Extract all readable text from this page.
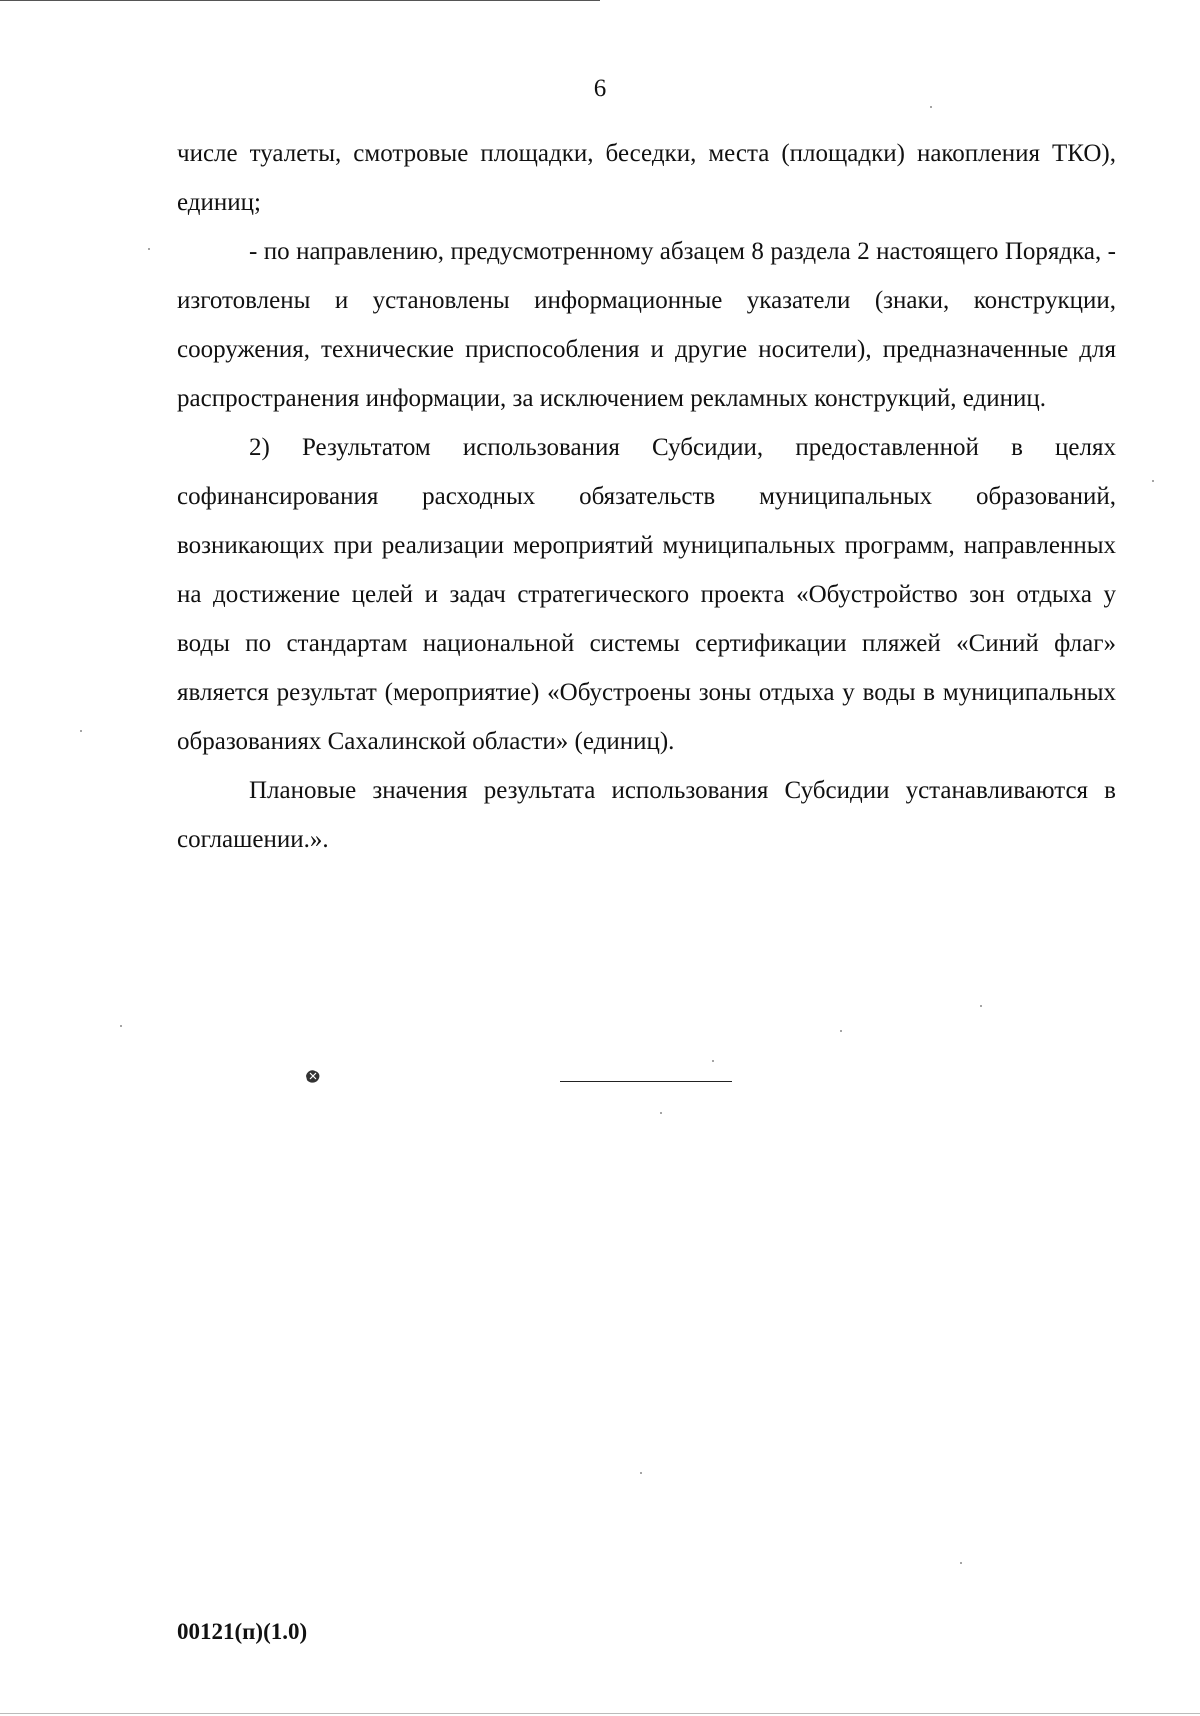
6

числе туалеты, смотровые площадки, беседки, места (площадки) накопления ТКО), единиц;

- по направлению, предусмотренному абзацем 8 раздела 2 настоящего Порядка, - изготовлены и установлены информационные указатели (знаки, конструкции, сооружения, технические приспособления и другие носители), предназначенные для распространения информации, за исключением рекламных конструкций, единиц.

2) Результатом использования Субсидии, предоставленной в целях софинансирования расходных обязательств муниципальных образований, возникающих при реализации мероприятий муниципальных программ, направленных на достижение целей и задач стратегического проекта «Обустройство зон отдыха у воды по стандартам национальной системы сертификации пляжей «Синий флаг» является результат (мероприятие) «Обустроены зоны отдыха у воды в муниципальных образованиях Сахалинской области» (единиц).

Плановые значения результата использования Субсидии устанавливаются в соглашении.».

00121(п)(1.0)
